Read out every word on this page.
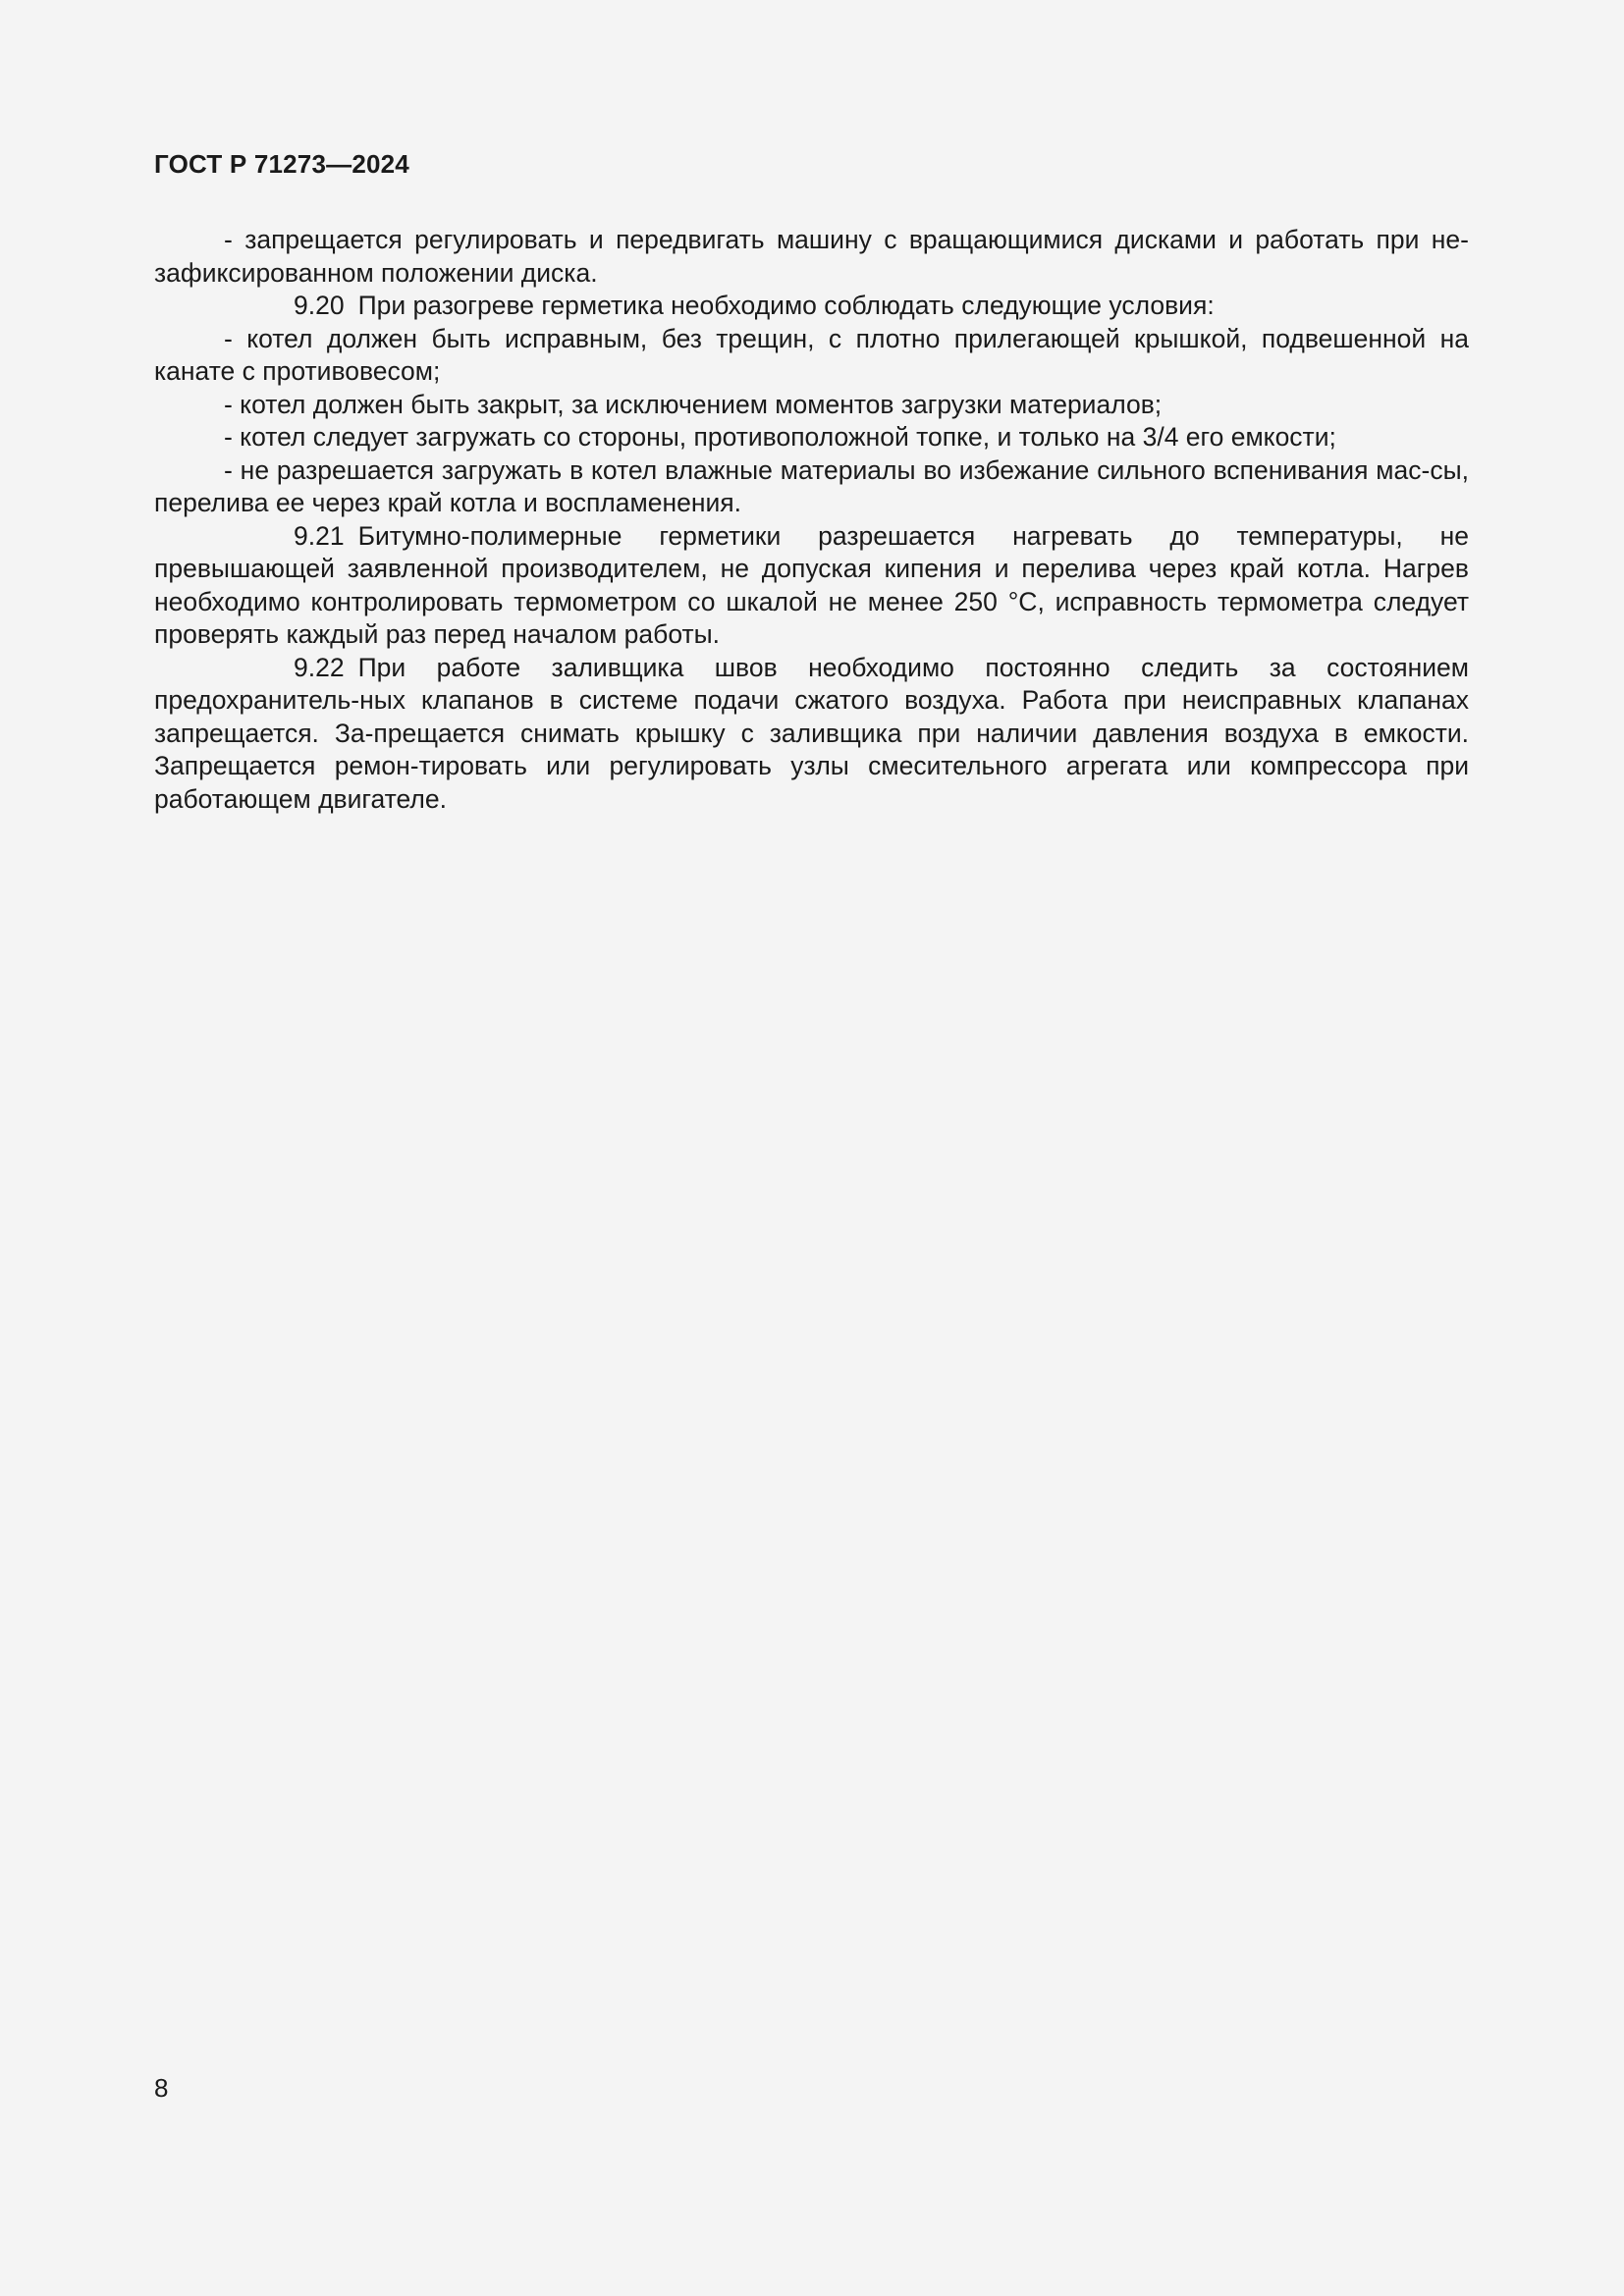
ГОСТ Р 71273—2024

- запрещается регулировать и передвигать машину с вращающимися дисками и работать при не-зафиксированном положении диска.

9.20 При разогреве герметика необходимо соблюдать следующие условия:

- котел должен быть исправным, без трещин, с плотно прилегающей крышкой, подвешенной на канате с противовесом;

- котел должен быть закрыт, за исключением моментов загрузки материалов;

- котел следует загружать со стороны, противоположной топке, и только на 3/4 его емкости;

- не разрешается загружать в котел влажные материалы во избежание сильного вспенивания мас-сы, перелива ее через край котла и воспламенения.

9.21 Битумно-полимерные герметики разрешается нагревать до температуры, не превышающей заявленной производителем, не допуская кипения и перелива через край котла. Нагрев необходимо контролировать термометром со шкалой не менее 250 °С, исправность термометра следует проверять каждый раз перед началом работы.

9.22 При работе заливщика швов необходимо постоянно следить за состоянием предохранитель-ных клапанов в системе подачи сжатого воздуха. Работа при неисправных клапанах запрещается. За-прещается снимать крышку с заливщика при наличии давления воздуха в емкости. Запрещается ремон-тировать или регулировать узлы смесительного агрегата или компрессора при работающем двигателе.

8
